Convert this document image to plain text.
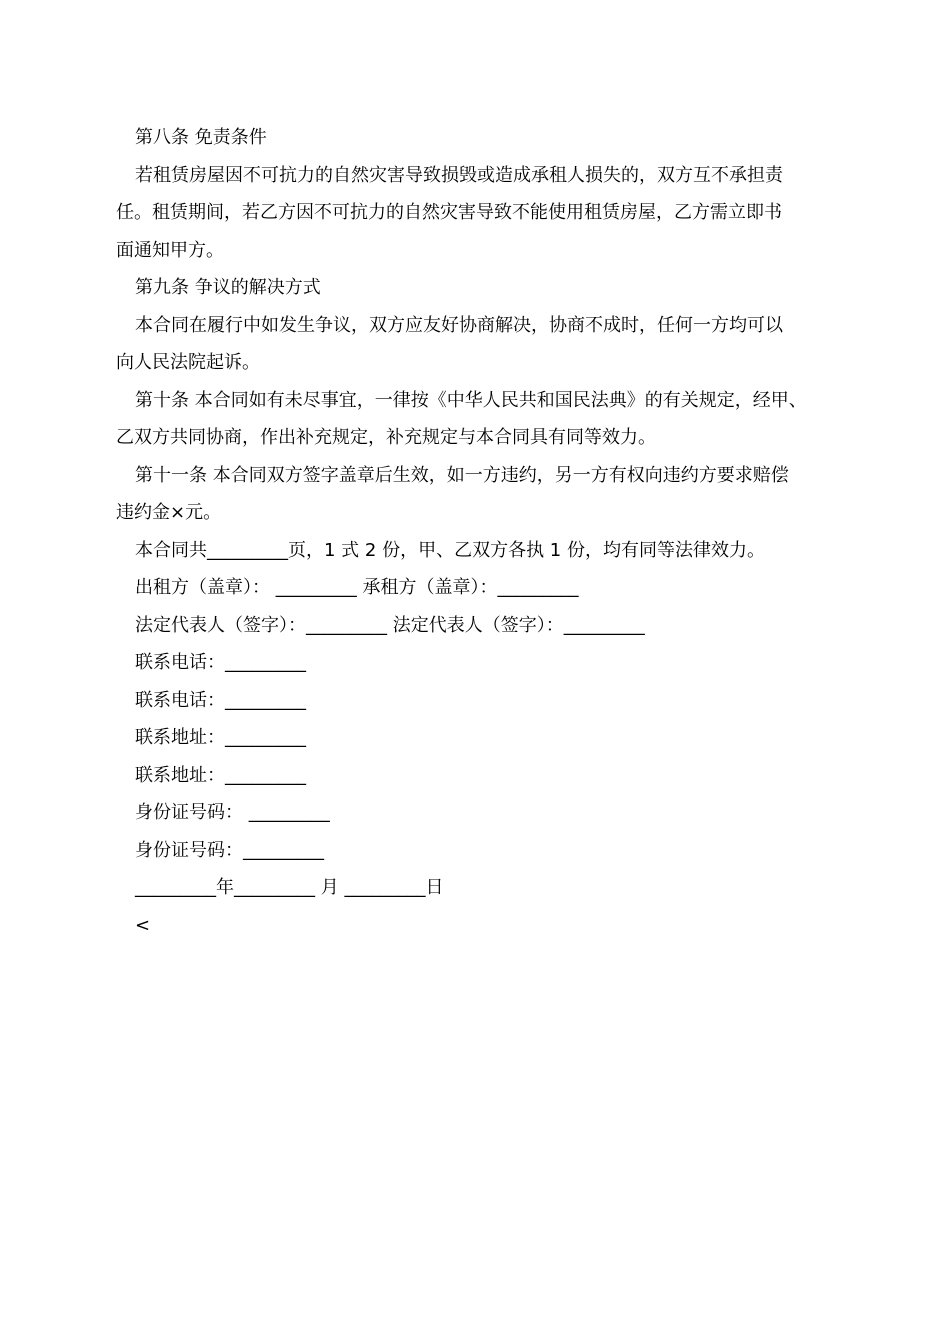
第八条 免责条件
若租赁房屋因不可抗力的自然灾害导致损毁或造成承租人损失的，双方互不承担责
任。租赁期间，若乙方因不可抗力的自然灾害导致不能使用租赁房屋，乙方需立即书
面通知甲方。
第九条 争议的解决方式
本合同在履行中如发生争议，双方应友好协商解决，协商不成时，任何一方均可以
向人民法院起诉。
第十条 本合同如有未尽事宜，一律按《中华人民共和国民法典》的有关规定，经甲、
乙双方共同协商，作出补充规定，补充规定与本合同具有同等效力。
第十一条 本合同双方签字盖章后生效，如一方违约，另一方有权向违约方要求赔偿
违约金×元。
本合同共_________页，1 式 2 份，甲、乙双方各执 1 份，均有同等法律效力。
出租方（盖章）： _________ 承租方（盖章）：_________
法定代表人（签字）：_________ 法定代表人（签字）：_________
联系电话：_________
联系电话：_________
联系地址：_________
联系地址：_________
身份证号码： _________
身份证号码：_________
_________年_________ 月 _________日
<
